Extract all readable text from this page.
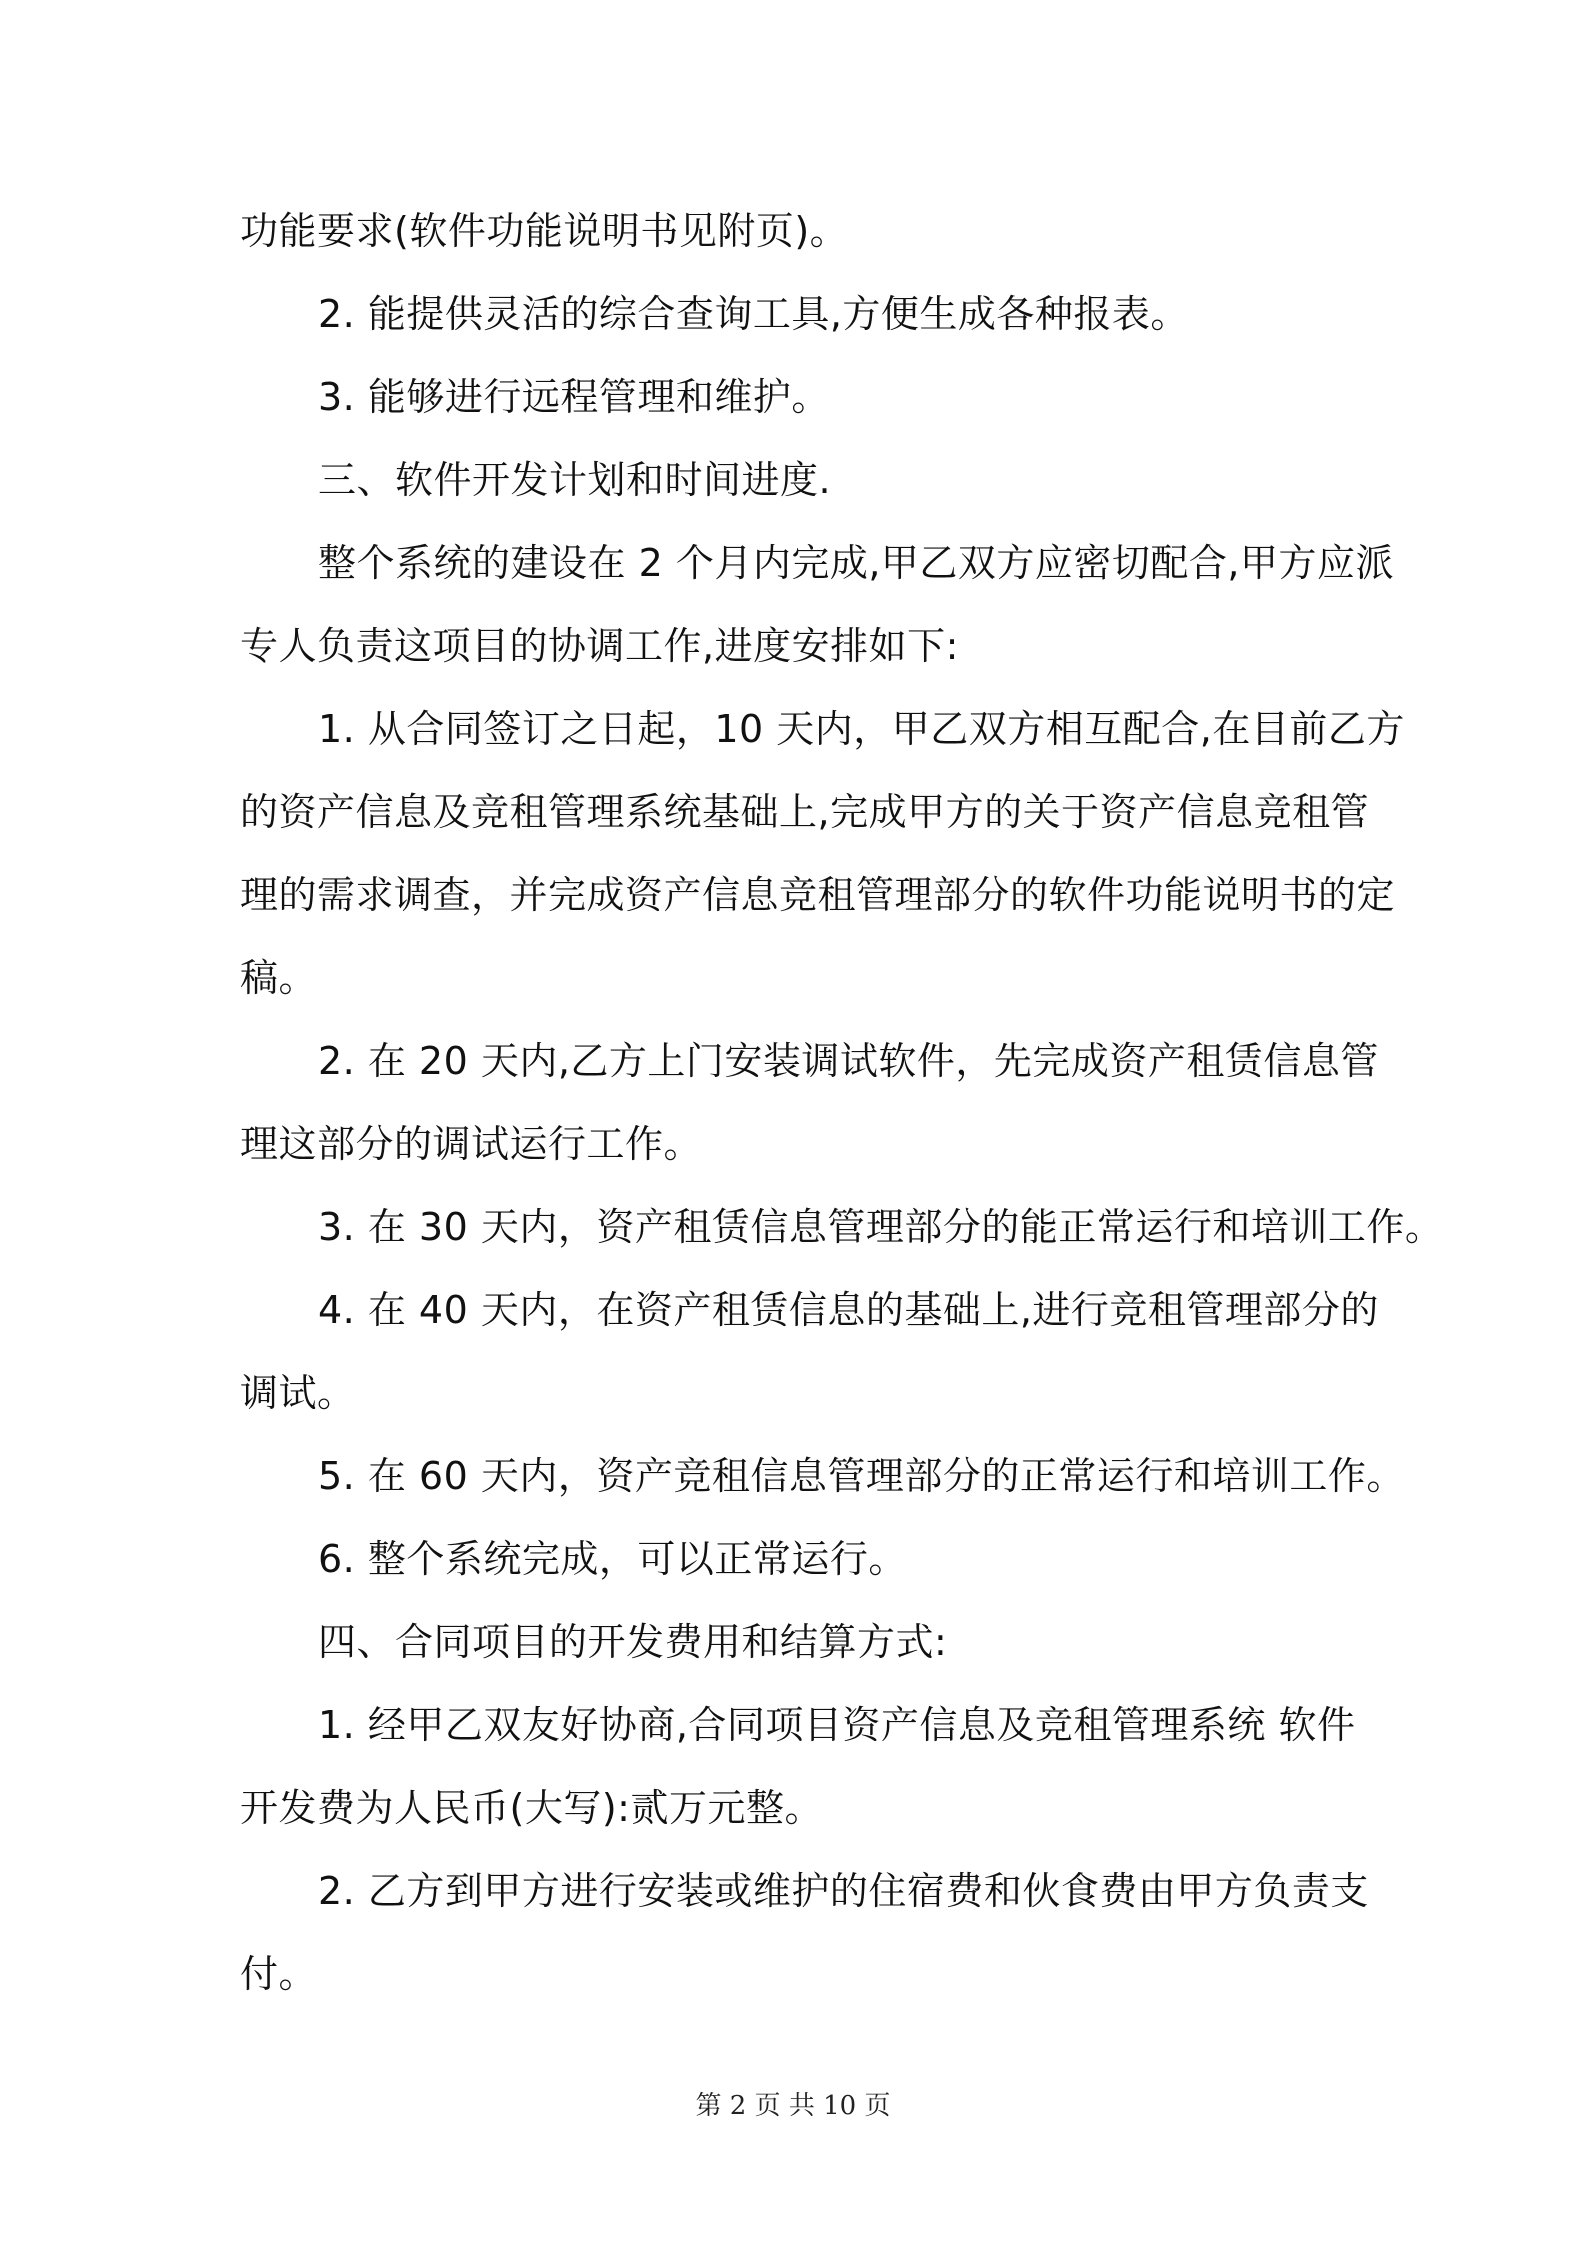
功能要求(软件功能说明书见附页)。
2. 能提供灵活的综合查询工具,方便生成各种报表。
3. 能够进行远程管理和维护。
三、软件开发计划和时间进度.
整个系统的建设在 2 个月内完成,甲乙双方应密切配合,甲方应派
专人负责这项目的协调工作,进度安排如下:
1. 从合同签订之日起，10 天内，甲乙双方相互配合,在目前乙方
的资产信息及竞租管理系统基础上,完成甲方的关于资产信息竞租管
理的需求调查，并完成资产信息竞租管理部分的软件功能说明书的定
稿。
2. 在 20 天内,乙方上门安装调试软件，先完成资产租赁信息管
理这部分的调试运行工作。
3. 在 30 天内，资产租赁信息管理部分的能正常运行和培训工作。
4. 在 40 天内，在资产租赁信息的基础上,进行竞租管理部分的
调试。
5. 在 60 天内，资产竞租信息管理部分的正常运行和培训工作。
6. 整个系统完成，可以正常运行。
四、合同项目的开发费用和结算方式:
1. 经甲乙双友好协商,合同项目资产信息及竞租管理系统 软件
开发费为人民币(大写):贰万元整。
2. 乙方到甲方进行安装或维护的住宿费和伙食费由甲方负责支
付。
第 2 页 共 10 页
